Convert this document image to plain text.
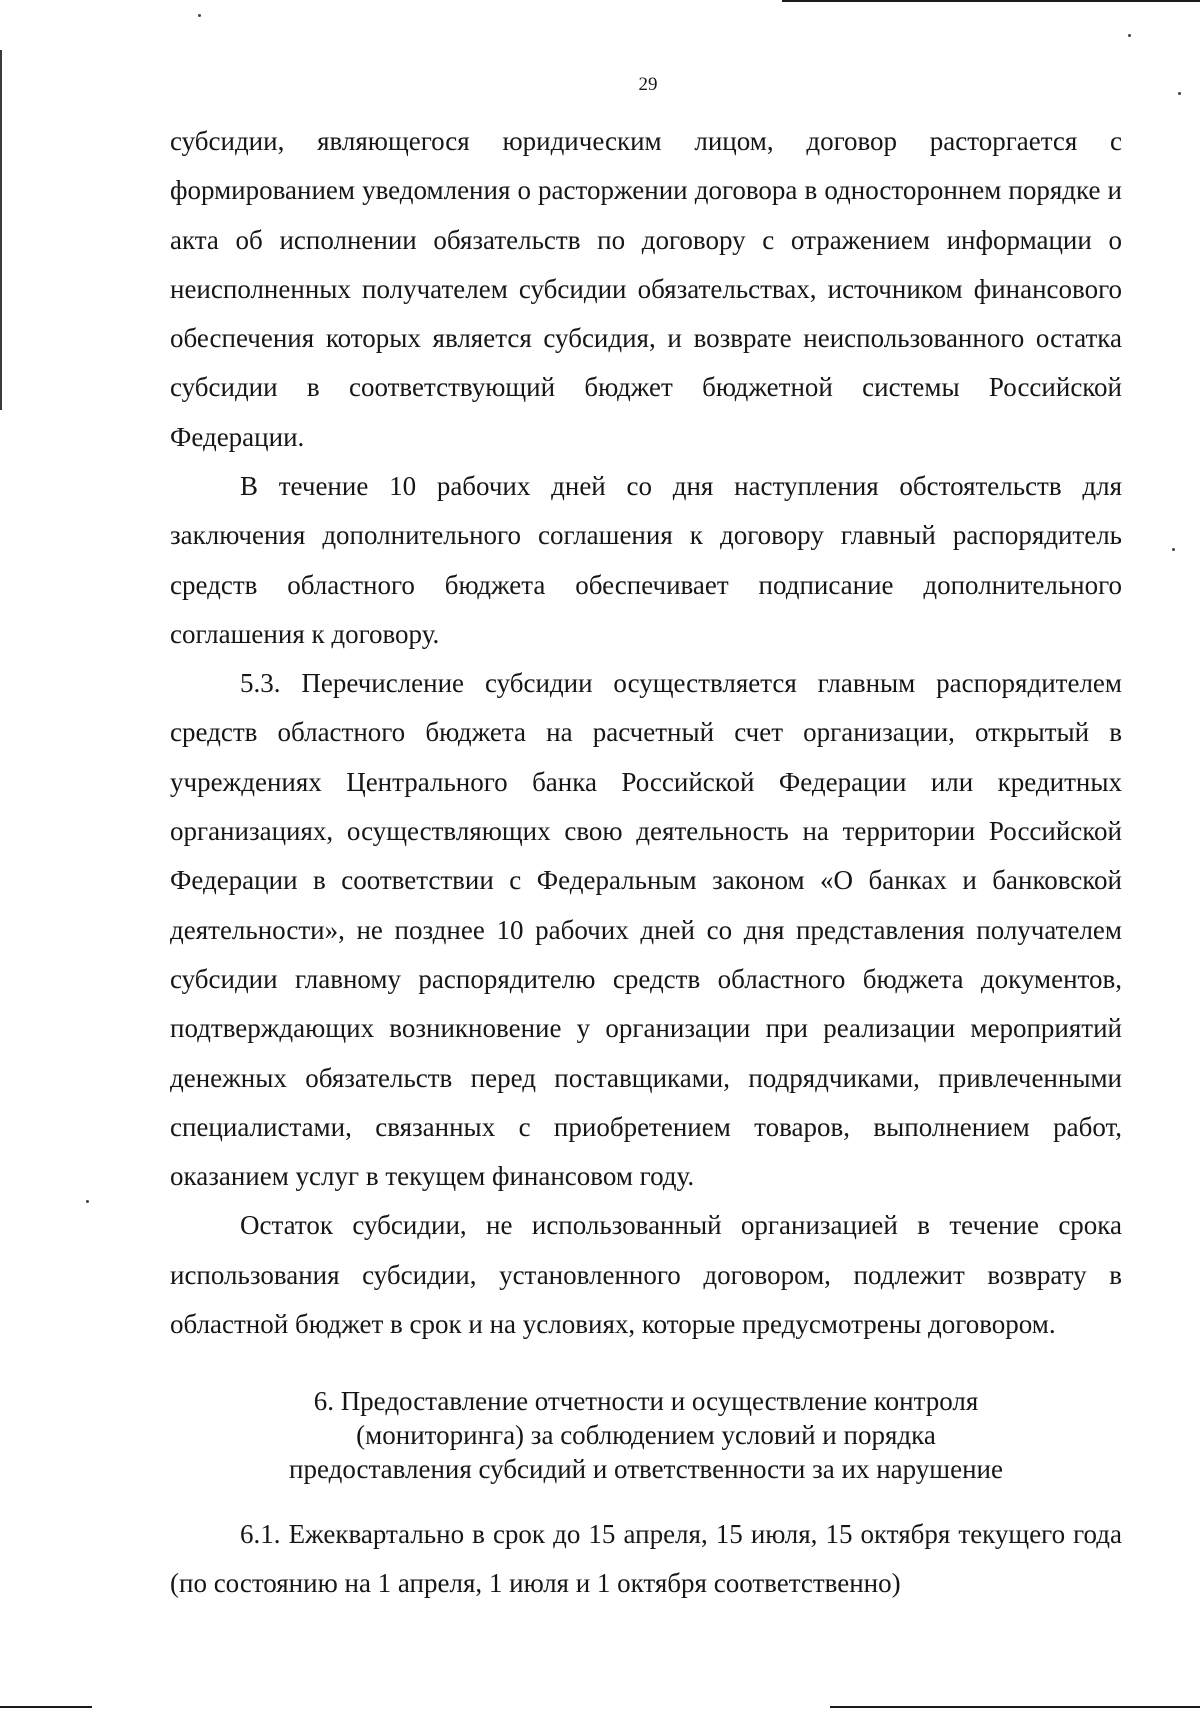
29

субсидии, являющегося юридическим лицом, договор расторгается с формированием уведомления о расторжении договора в одностороннем порядке и акта об исполнении обязательств по договору с отражением информации о неисполненных получателем субсидии обязательствах, источником финансового обеспечения которых является субсидия, и возврате неиспользованного остатка субсидии в соответствующий бюджет бюджетной системы Российской Федерации.

В течение 10 рабочих дней со дня наступления обстоятельств для заключения дополнительного соглашения к договору главный распорядитель средств областного бюджета обеспечивает подписание дополнительного соглашения к договору.

5.3. Перечисление субсидии осуществляется главным распорядителем средств областного бюджета на расчетный счет организации, открытый в учреждениях Центрального банка Российской Федерации или кредитных организациях, осуществляющих свою деятельность на территории Российской Федерации в соответствии с Федеральным законом «О банках и банковской деятельности», не позднее 10 рабочих дней со дня представления получателем субсидии главному распорядителю средств областного бюджета документов, подтверждающих возникновение у организации при реализации мероприятий денежных обязательств перед поставщиками, подрядчиками, привлеченными специалистами, связанных с приобретением товаров, выполнением работ, оказанием услуг в текущем финансовом году.

Остаток субсидии, не использованный организацией в течение срока использования субсидии, установленного договором, подлежит возврату в областной бюджет в срок и на условиях, которые предусмотрены договором.

6. Предоставление отчетности и осуществление контроля
(мониторинга) за соблюдением условий и порядка
предоставления субсидий и ответственности за их нарушение

6.1. Ежеквартально в срок до 15 апреля, 15 июля, 15 октября текущего года (по состоянию на 1 апреля, 1 июля и 1 октября соответственно)
